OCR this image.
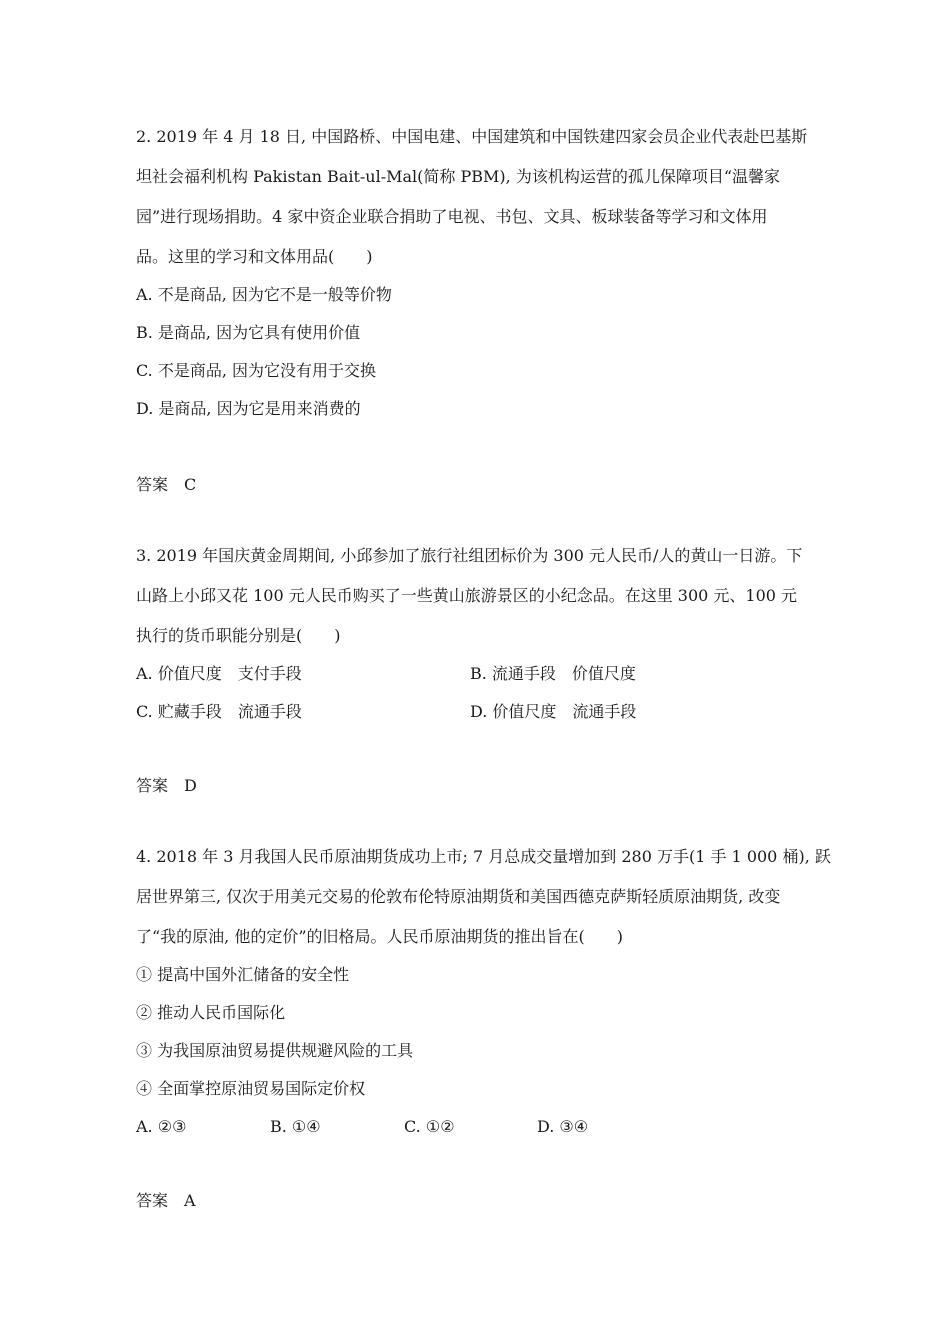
2. 2019 年 4 月 18 日, 中国路桥、中国电建、中国建筑和中国铁建四家会员企业代表赴巴基斯

坦社会福利机构 Pakistan Bait-ul-Mal(简称 PBM), 为该机构运营的孤儿保障项目“温馨家

园”进行现场捐助。4 家中资企业联合捐助了电视、书包、文具、板球装备等学习和文体用

品。这里的学习和文体用品(　　)

A. 不是商品, 因为它不是一般等价物

B. 是商品, 因为它具有使用价值

C. 不是商品, 因为它没有用于交换

D. 是商品, 因为它是用来消费的

答案　C

3. 2019 年国庆黄金周期间, 小邱参加了旅行社组团标价为 300 元人民币/人的黄山一日游。下

山路上小邱又花 100 元人民币购买了一些黄山旅游景区的小纪念品。在这里 300 元、100 元

执行的货币职能分别是(　　)

A. 价值尺度　支付手段	B. 流通手段　价值尺度
C. 贮藏手段　流通手段	D. 价值尺度　流通手段
答案　D

4. 2018 年 3 月我国人民币原油期货成功上市; 7 月总成交量增加到 280 万手(1 手 1 000 桶), 跃

居世界第三, 仅次于用美元交易的伦敦布伦特原油期货和美国西德克萨斯轻质原油期货, 改变

了“我的原油, 他的定价”的旧格局。人民币原油期货的推出旨在(　　)

① 提高中国外汇储备的安全性

② 推动人民币国际化

③ 为我国原油贸易提供规避风险的工具

④ 全面掌控原油贸易国际定价权

A. ②③	B. ①④	C. ①②	D. ③④
答案　A
